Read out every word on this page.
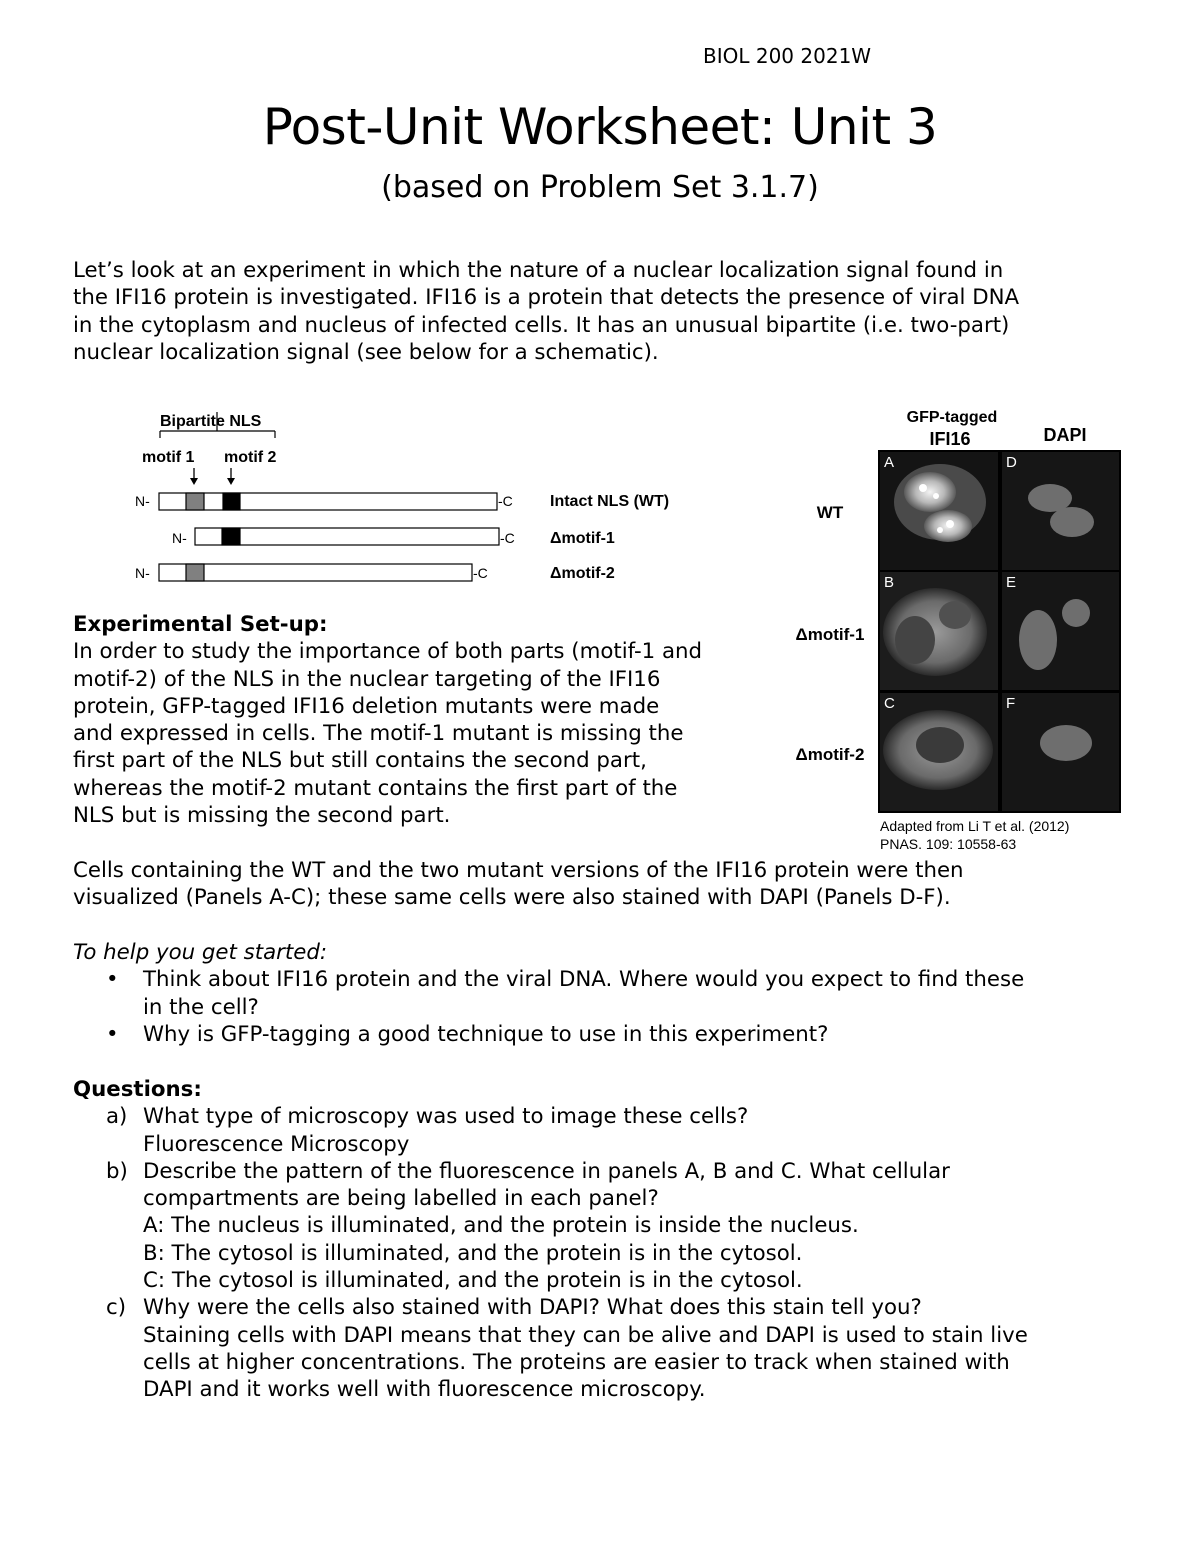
BIOL 200 2021W
Post-Unit Worksheet: Unit 3
(based on Problem Set 3.1.7)
Let’s look at an experiment in which the nature of a nuclear localization signal found in
the IFI16 protein is investigated. IFI16 is a protein that detects the presence of viral DNA
in the cytoplasm and nucleus of infected cells. It has an unusual bipartite (i.e. two-part)
nuclear localization signal (see below for a schematic).
Bipartite NLS
motif 1 motif 2
N-	-C Intact NLS (WT)
N-	-C Δmotif-1
N-	-C	Δmotif-2
GFP-tagged
IFI16	DAPI
WT
Δmotif-1
Δmotif-2
A	D
B	E
C	F
Adapted from Li T et al. (2012)
PNAS. 109: 10558-63
Experimental Set-up:
In order to study the importance of both parts (motif-1 and
motif-2) of the NLS in the nuclear targeting of the IFI16
protein, GFP-tagged IFI16 deletion mutants were made
and expressed in cells. The motif-1 mutant is missing the
first part of the NLS but still contains the second part,
whereas the motif-2 mutant contains the first part of the
NLS but is missing the second part.
Cells containing the WT and the two mutant versions of the IFI16 protein were then
visualized (Panels A-C); these same cells were also stained with DAPI (Panels D-F).
To help you get started:
• Think about IFI16 protein and the viral DNA. Where would you expect to find these
in the cell?
• Why is GFP-tagging a good technique to use in this experiment?
Questions:
a) What type of microscopy was used to image these cells?
Fluorescence Microscopy
b) Describe the pattern of the fluorescence in panels A, B and C. What cellular
compartments are being labelled in each panel?
A: The nucleus is illuminated, and the protein is inside the nucleus.
B: The cytosol is illuminated, and the protein is in the cytosol.
C: The cytosol is illuminated, and the protein is in the cytosol.
c) Why were the cells also stained with DAPI? What does this stain tell you?
Staining cells with DAPI means that they can be alive and DAPI is used to stain live
cells at higher concentrations. The proteins are easier to track when stained with
DAPI and it works well with fluorescence microscopy.
